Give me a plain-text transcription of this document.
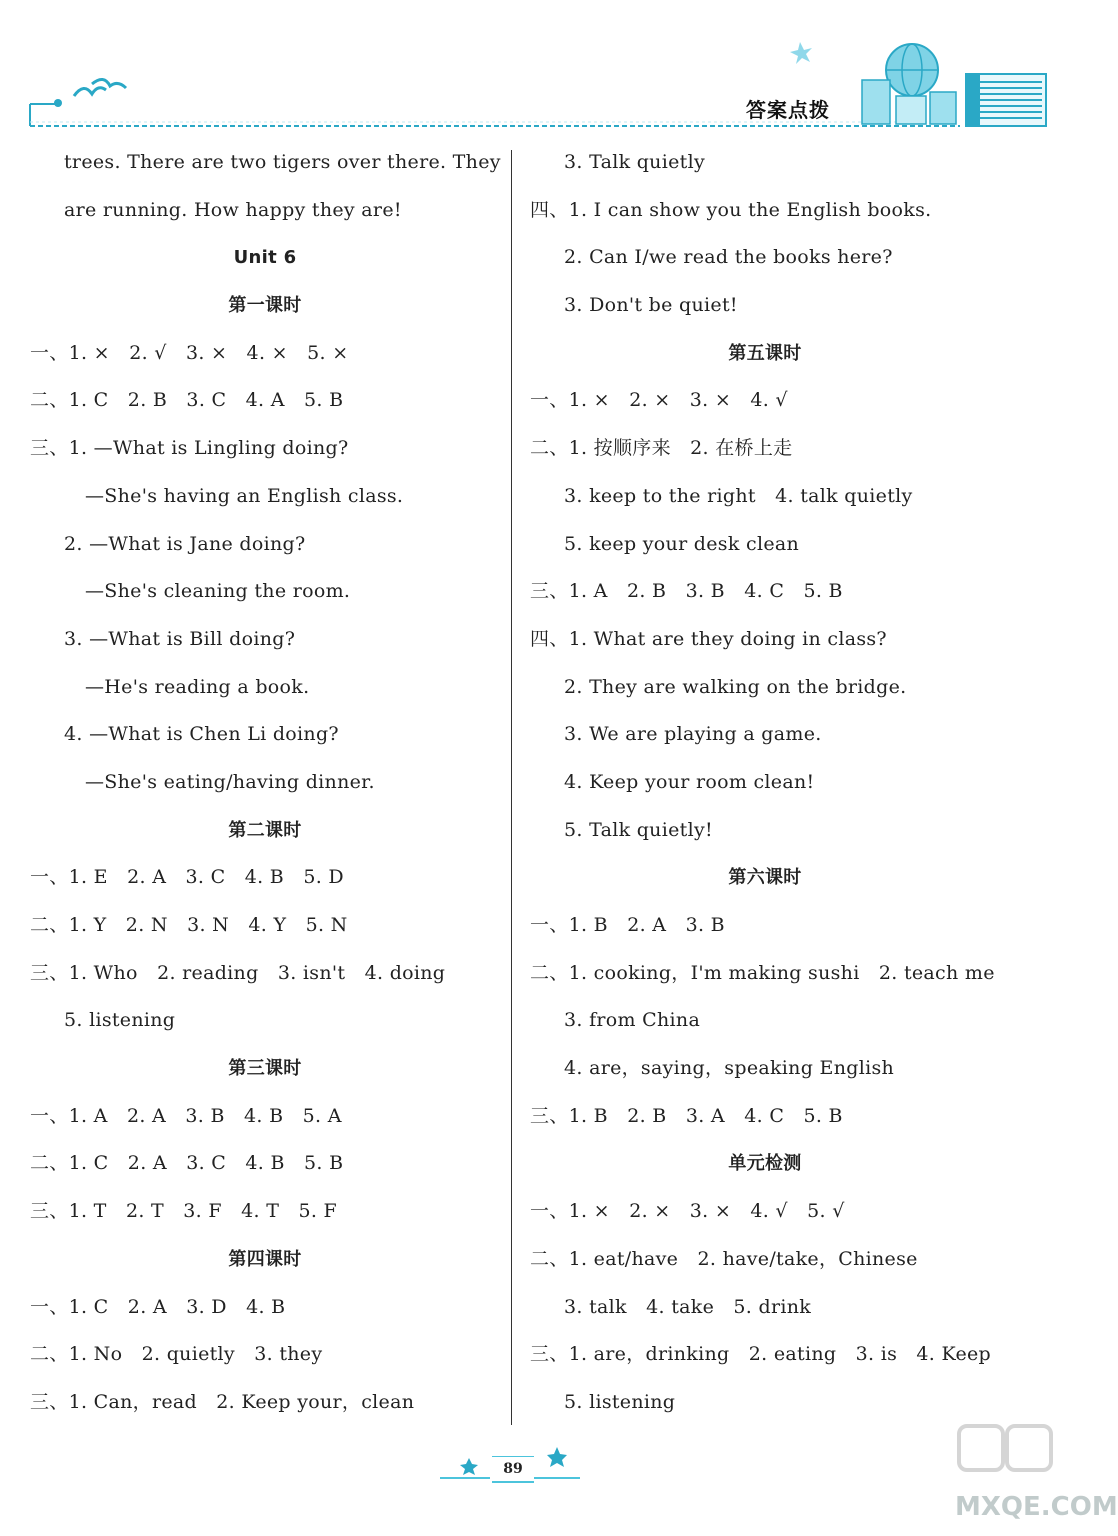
答案点拨
trees. There are two tigers over there. They
are running. How happy they are!
Unit 6
第一课时
一、1. ×　2. √　3. ×　4. ×　5. ×
二、1. C　2. B　3. C　4. A　5. B
三、1. —What is Lingling doing?
—She's having an English class.
2. —What is Jane doing?
—She's cleaning the room.
3. —What is Bill doing?
—He's reading a book.
4. —What is Chen Li doing?
—She's eating/having dinner.
第二课时
一、1. E　2. A　3. C　4. B　5. D
二、1. Y　2. N　3. N　4. Y　5. N
三、1. Who　2. reading　3. isn't　4. doing
5. listening
第三课时
一、1. A　2. A　3. B　4. B　5. A
二、1. C　2. A　3. C　4. B　5. B
三、1. T　2. T　3. F　4. T　5. F
第四课时
一、1. C　2. A　3. D　4. B
二、1. No　2. quietly　3. they
三、1. Can，read　2. Keep your，clean
3. Talk quietly
四、1. I can show you the English books.
2. Can I/we read the books here?
3. Don't be quiet!
第五课时
一、1. ×　2. ×　3. ×　4. √
二、1. 按顺序来　2. 在桥上走
3. keep to the right　4. talk quietly
5. keep your desk clean
三、1. A　2. B　3. B　4. C　5. B
四、1. What are they doing in class?
2. They are walking on the bridge.
3. We are playing a game.
4. Keep your room clean!
5. Talk quietly!
第六课时
一、1. B　2. A　3. B
二、1. cooking，I'm making sushi　2. teach me
3. from China
4. are，saying，speaking English
三、1. B　2. B　3. A　4. C　5. B
单元检测
一、1. ×　2. ×　3. ×　4. √　5. √
二、1. eat/have　2. have/take，Chinese
3. talk　4. take　5. drink
三、1. are，drinking　2. eating　3. is　4. Keep
5. listening
89
MXQE.COM
